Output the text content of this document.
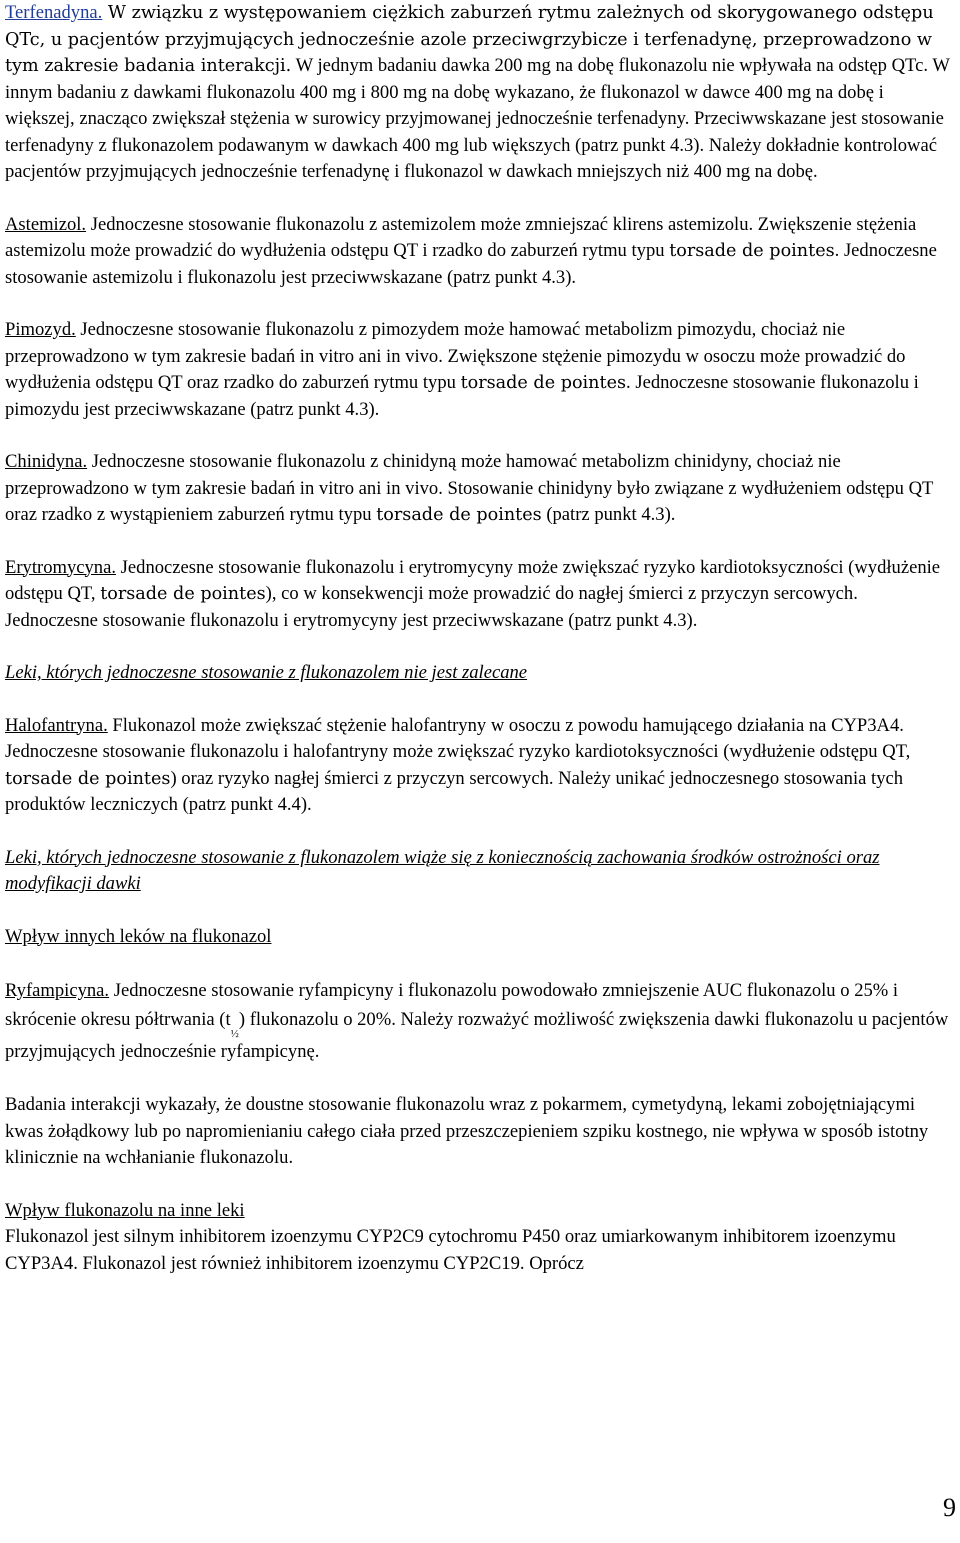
Terfenadyna. W związku z występowaniem ciężkich zaburzeń rytmu zależnych od skorygowanego odstępu QTc, u pacjentów przyjmujących jednocześnie azole przeciwgrzybicze i terfenadynę, przeprowadzono w tym zakresie badania interakcji. W jednym badaniu dawka 200 mg na dobę flukonazolu nie wpływała na odstęp QTc. W innym badaniu z dawkami flukonazolu 400 mg i 800 mg na dobę wykazano, że flukonazol w dawce 400 mg na dobę i większej, znacząco zwiększał stężenia w surowicy przyjmowanej jednocześnie terfenadyny. Przeciwwskazane jest stosowanie terfenadyny z flukonazolem podawanym w dawkach 400 mg lub większych (patrz punkt 4.3). Należy dokładnie kontrolować pacjentów przyjmujących jednocześnie terfenadynę i flukonazol w dawkach mniejszych niż 400 mg na dobę.

Astemizol. Jednoczesne stosowanie flukonazolu z astemizolem może zmniejszać klirens astemizolu. Zwiększenie stężenia astemizolu może prowadzić do wydłużenia odstępu QT i rzadko do zaburzeń rytmu typu torsade de pointes. Jednoczesne stosowanie astemizolu i flukonazolu jest przeciwwskazane (patrz punkt 4.3).

Pimozyd. Jednoczesne stosowanie flukonazolu z pimozydem może hamować metabolizm pimozydu, chociaż nie przeprowadzono w tym zakresie badań in vitro ani in vivo. Zwiększone stężenie pimozydu w osoczu może prowadzić do wydłużenia odstępu QT oraz rzadko do zaburzeń rytmu typu torsade de pointes. Jednoczesne stosowanie flukonazolu i pimozydu jest przeciwwskazane (patrz punkt 4.3).

Chinidyna. Jednoczesne stosowanie flukonazolu z chinidyną może hamować metabolizm chinidyny, chociaż nie przeprowadzono w tym zakresie badań in vitro ani in vivo. Stosowanie chinidyny było związane z wydłużeniem odstępu QT oraz rzadko z wystąpieniem zaburzeń rytmu typu torsade de pointes (patrz punkt 4.3).

Erytromycyna. Jednoczesne stosowanie flukonazolu i erytromycyny może zwiększać ryzyko kardiotoksyczności (wydłużenie odstępu QT, torsade de pointes), co w konsekwencji może prowadzić do nagłej śmierci z przyczyn sercowych. Jednoczesne stosowanie flukonazolu i erytromycyny jest przeciwwskazane (patrz punkt 4.3).

Leki, których jednoczesne stosowanie z flukonazolem nie jest zalecane

Halofantryna. Flukonazol może zwiększać stężenie halofantryny w osoczu z powodu hamującego działania na CYP3A4. Jednoczesne stosowanie flukonazolu i halofantryny może zwiększać ryzyko kardiotoksyczności (wydłużenie odstępu QT, torsade de pointes) oraz ryzyko nagłej śmierci z przyczyn sercowych. Należy unikać jednoczesnego stosowania tych produktów leczniczych (patrz punkt 4.4).

Leki, których jednoczesne stosowanie z flukonazolem wiąże się z koniecznością zachowania środków ostrożności oraz modyfikacji dawki

Wpływ innych leków na flukonazol

Ryfampicyna. Jednoczesne stosowanie ryfampicyny i flukonazolu powodowało zmniejszenie AUC flukonazolu o 25% i skrócenie okresu półtrwania $(t_{\frac{1}{2}})$ flukonazolu o 20%. Należy rozważyć możliwość zwiększenia dawki flukonazolu u pacjentów przyjmujących jednocześnie ryfampicynę.

Badania interakcji wykazały, że doustne stosowanie flukonazolu wraz z pokarmem, cymetydyną, lekami zobojętniającymi kwas żołądkowy lub po napromienianiu całego ciała przed przeszczepieniem szpiku kostnego, nie wpływa w sposób istotny klinicznie na wchłanianie flukonazolu.

Wpływ flukonazolu na inne leki

Flukonazol jest silnym inhibitorem izoenzymu CYP2C9 cytochromu P450 oraz umiarkowanym inhibitorem izoenzymu CYP3A4. Flukonazol jest również inhibitorem izoenzymu CYP2C19. Oprócz

9
